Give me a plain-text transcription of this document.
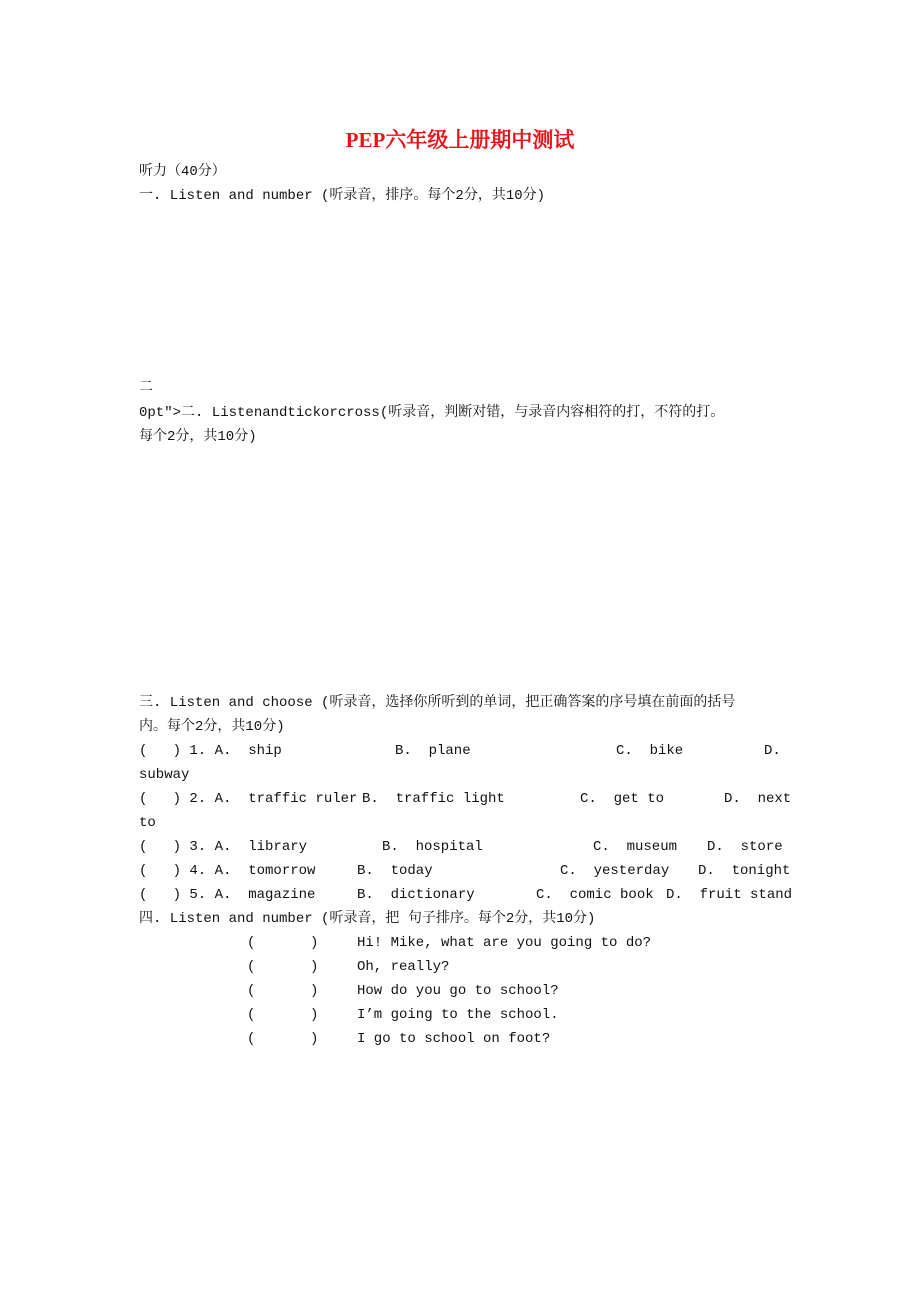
PEP六年级上册期中测试
听力（40分）
一. Listen and number (听录音，排序。每个2分，共10分)
二
0pt">二. Listenandtickorcross(听录音，判断对错，与录音内容相符的打，不符的打。
每个2分，共10分)
三. Listen and choose (听录音，选择你所听到的单词，把正确答案的序号填在前面的括号
内。每个2分，共10分)
(   ) 1. A.  ship	B.  plane	C.  bike	D.
subway
(   ) 2. A.  traffic ruler B.  traffic light	C.  get to	D.  next
to
(   ) 3. A.  library	B.  hospital	C.  museum D.  store
(   ) 4. A.  tomorrow	B.  today	C.  yesterday D.  tonight
(   ) 5. A.  magazine	B.  dictionary	C.  comic book D.  fruit stand
四. Listen and number (听录音，把 句子排序。每个2分，共10分)
(	)	Hi! Mike, what are you going to do?
(	)	Oh, really?
(	)	How do you go to school?
(	)	I’m going to the school.
(	)	I go to school on foot?
